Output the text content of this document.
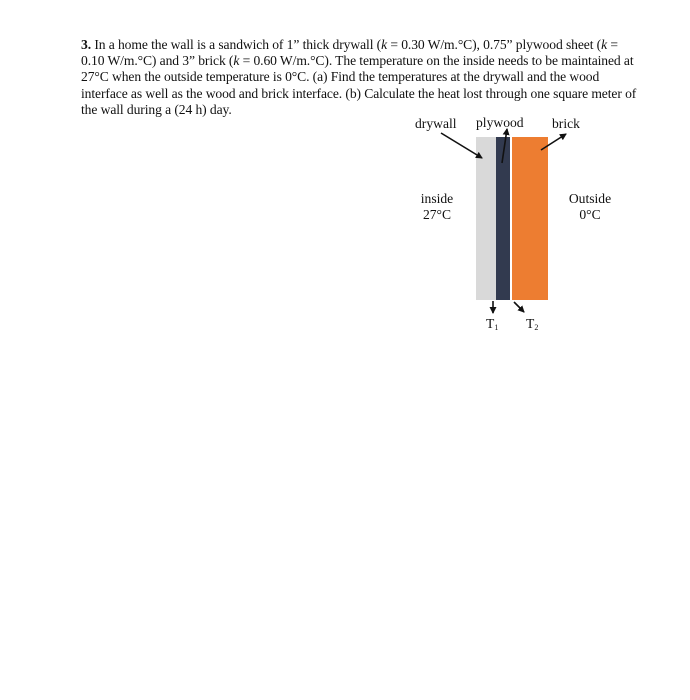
3. In a home the wall is a sandwich of 1” thick drywall (k = 0.30 W/m.°C), 0.75” plywood sheet (k = 0.10 W/m.°C) and 3” brick (k = 0.60 W/m.°C). The temperature on the inside needs to be maintained at 27°C when the outside temperature is 0°C. (a) Find the temperatures at the drywall and the wood interface as well as the wood and brick interface. (b) Calculate the heat lost through one square meter of the wall during a (24 h) day.

drywall plywood brick
inside
27°C
Outside
0°C
$T_1$ $T_2$
